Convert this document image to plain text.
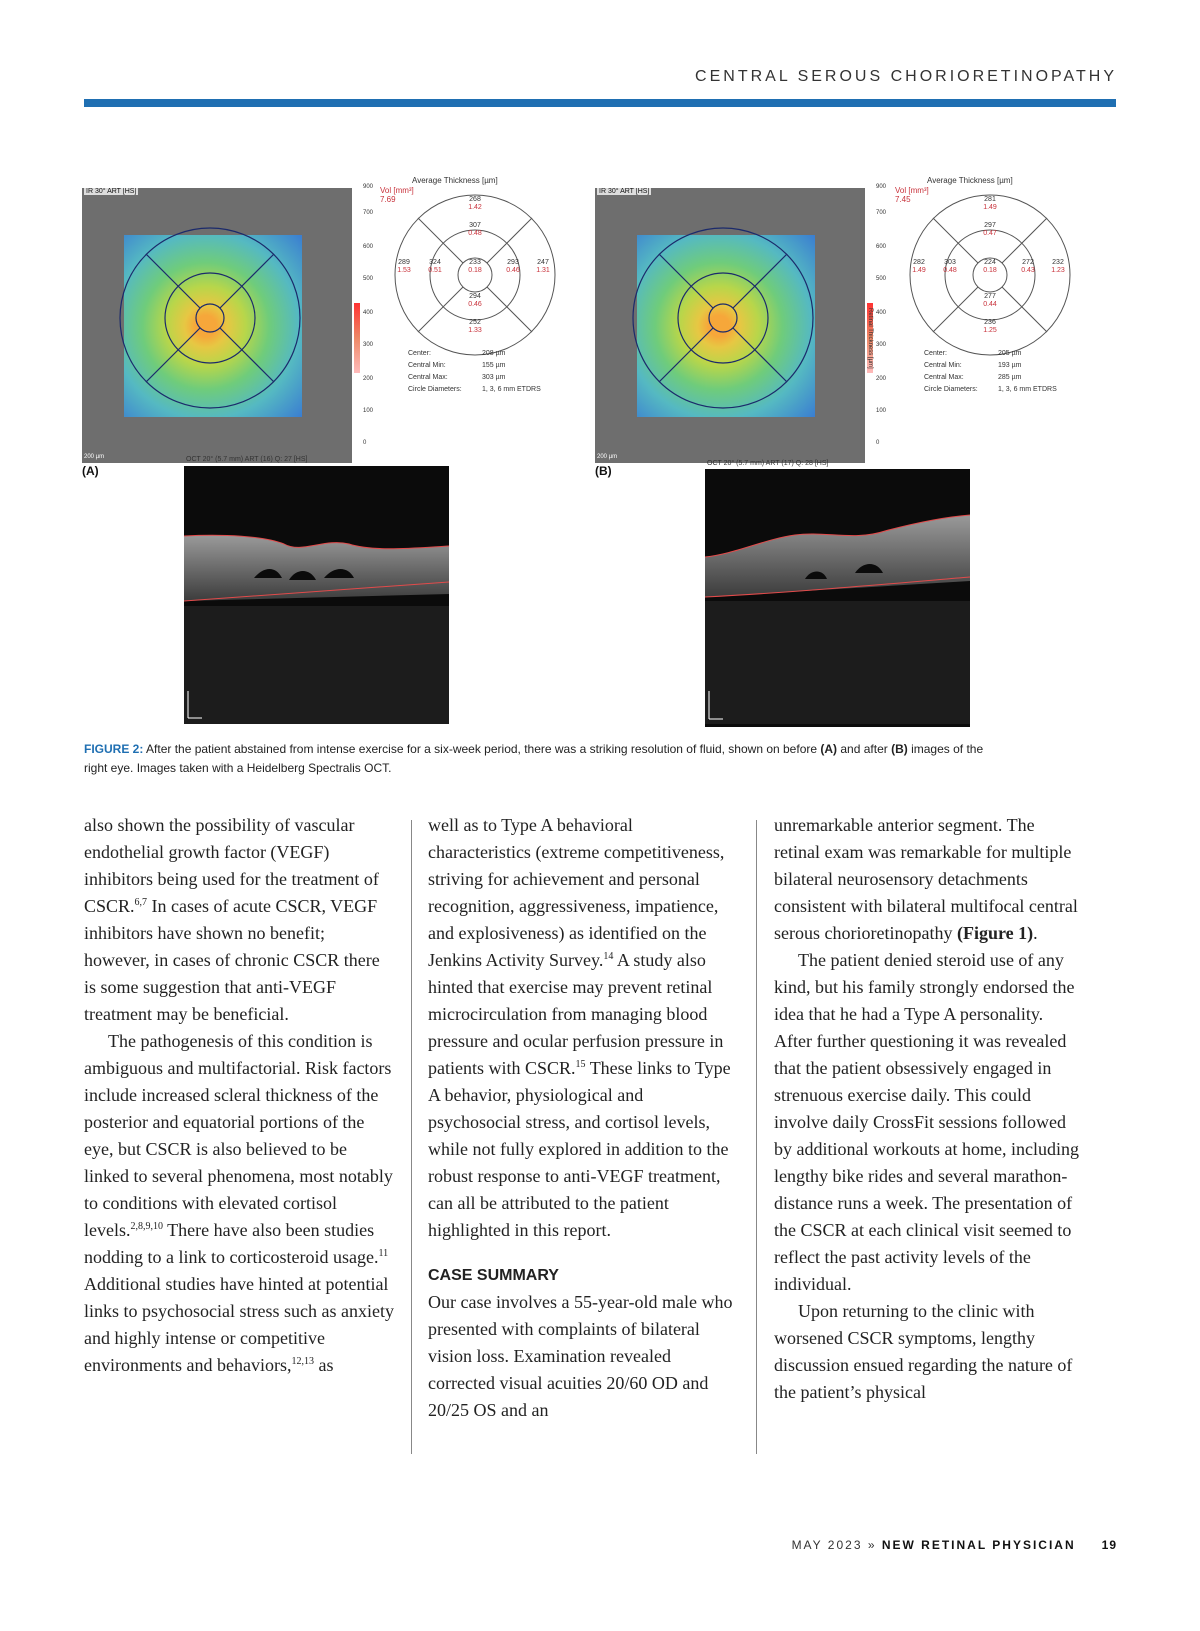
CENTRAL SEROUS CHORIORETINOPATHY
IR 30° ART [HS]
200 µm
900
700
600
500
400
300
200
100
0
Average Thickness [µm]
Vol [mm³]
7.69	268
1.42
307
0.48
289
1.53
324
0.51
233
0.18
293
0.46
247
1.31
294
0.46
252
1.33
Center:	208 µm
Central Min:	155 µm
Central Max:	303 µm
Circle Diameters:	1, 3, 6 mm ETDRS
(A)
OCT 20° (5.7 mm) ART (16) Q: 27 [HS]
IR 30° ART [HS]
200 µm
Retinal Thickness [µm]
900
700
600
500
400
300
200
100
0
Average Thickness [µm]
Vol [mm³]
7.45	281
1.49
297
0.47
282
1.49
303
0.48
224
0.18
272
0.43
232
1.23
277
0.44
236
1.25
Center:	205 µm
Central Min:	193 µm
Central Max:	285 µm
Circle Diameters:	1, 3, 6 mm ETDRS
(B)
OCT 20° (5.7 mm) ART (17) Q: 28 [HS]
FIGURE 2: After the patient abstained from intense exercise for a six-week period, there was a striking resolution of fluid, shown on before (A) and after (B) images of the right eye. Images taken with a Heidelberg Spectralis OCT.

also shown the possibility of vascular endothelial growth factor (VEGF) inhibitors being used for the treatment of CSCR.$^{6,7}$ In cases of acute CSCR, VEGF inhibitors have shown no benefit; however, in cases of chronic CSCR there is some suggestion that anti-VEGF treatment may be beneficial.

The pathogenesis of this condition is ambiguous and multifactorial. Risk factors include increased scleral thickness of the posterior and equatorial portions of the eye, but CSCR is also believed to be linked to several phenomena, most notably to conditions with elevated cortisol levels.$^{2,8,9,10}$ There have also been studies nodding to a link to corticosteroid usage.$^{11}$ Additional studies have hinted at potential links to psychosocial stress such as anxiety and highly intense or competitive environments and behaviors,$^{12,13}$ as

well as to Type A behavioral characteristics (extreme competitiveness, striving for achievement and personal recognition, aggressiveness, impatience, and explosiveness) as identified on the Jenkins Activity Survey.$^{14}$ A study also hinted that exercise may prevent retinal microcirculation from managing blood pressure and ocular perfusion pressure in patients with CSCR.$^{15}$ These links to Type A behavior, physiological and psychosocial stress, and cortisol levels, while not fully explored in addition to the robust response to anti-VEGF treatment, can all be attributed to the patient highlighted in this report.

CASE SUMMARY

Our case involves a 55-year-old male who presented with complaints of bilateral vision loss. Examination revealed corrected visual acuities 20/60 OD and 20/25 OS and an

unremarkable anterior segment. The retinal exam was remarkable for multiple bilateral neurosensory detachments consistent with bilateral multifocal central serous chorioretinopathy (Figure 1).

The patient denied steroid use of any kind, but his family strongly endorsed the idea that he had a Type A personality. After further questioning it was revealed that the patient obsessively engaged in strenuous exercise daily. This could involve daily CrossFit sessions followed by additional workouts at home, including lengthy bike rides and several marathon-distance runs a week. The presentation of the CSCR at each clinical visit seemed to reflect the past activity levels of the individual.

Upon returning to the clinic with worsened CSCR symptoms, lengthy discussion ensued regarding the nature of the patient’s physical

MAY 2023 » NEW RETINAL PHYSICIAN 19
